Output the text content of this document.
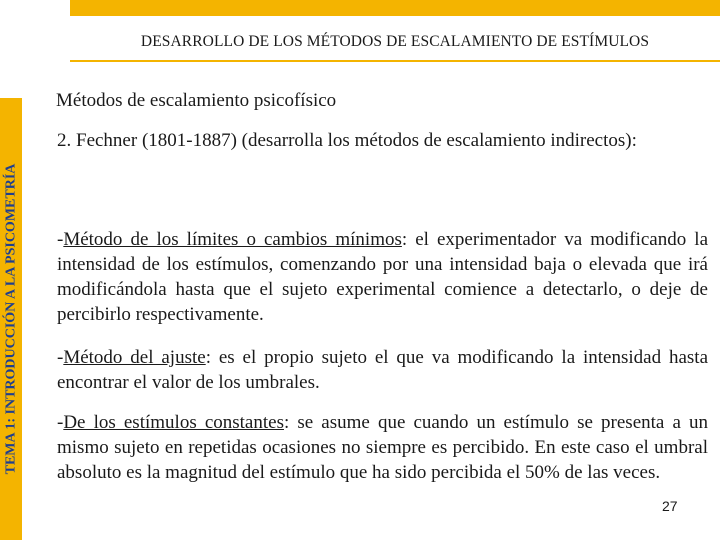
DESARROLLO DE LOS MÉTODOS DE ESCALAMIENTO DE ESTÍMULOS
TEMA 1: INTRODUCCIÓN A LA PSICOMETRÍA
Métodos de escalamiento psicofísico
2. Fechner (1801-1887) (desarrolla los métodos de escalamiento indirectos):
-Método de los límites o cambios mínimos: el experimentador va modificando la intensidad de los estímulos, comenzando por una intensidad baja o elevada que irá modificándola hasta que el sujeto experimental comience a detectarlo, o deje de percibirlo respectivamente.
-Método del ajuste: es el propio sujeto el que va modificando la intensidad hasta encontrar el valor de los umbrales.
-De los estímulos constantes: se asume que cuando un estímulo se presenta a un mismo sujeto en repetidas ocasiones no siempre es percibido. En este caso el umbral absoluto es la magnitud del estímulo que ha sido percibida el 50% de las veces.
27
